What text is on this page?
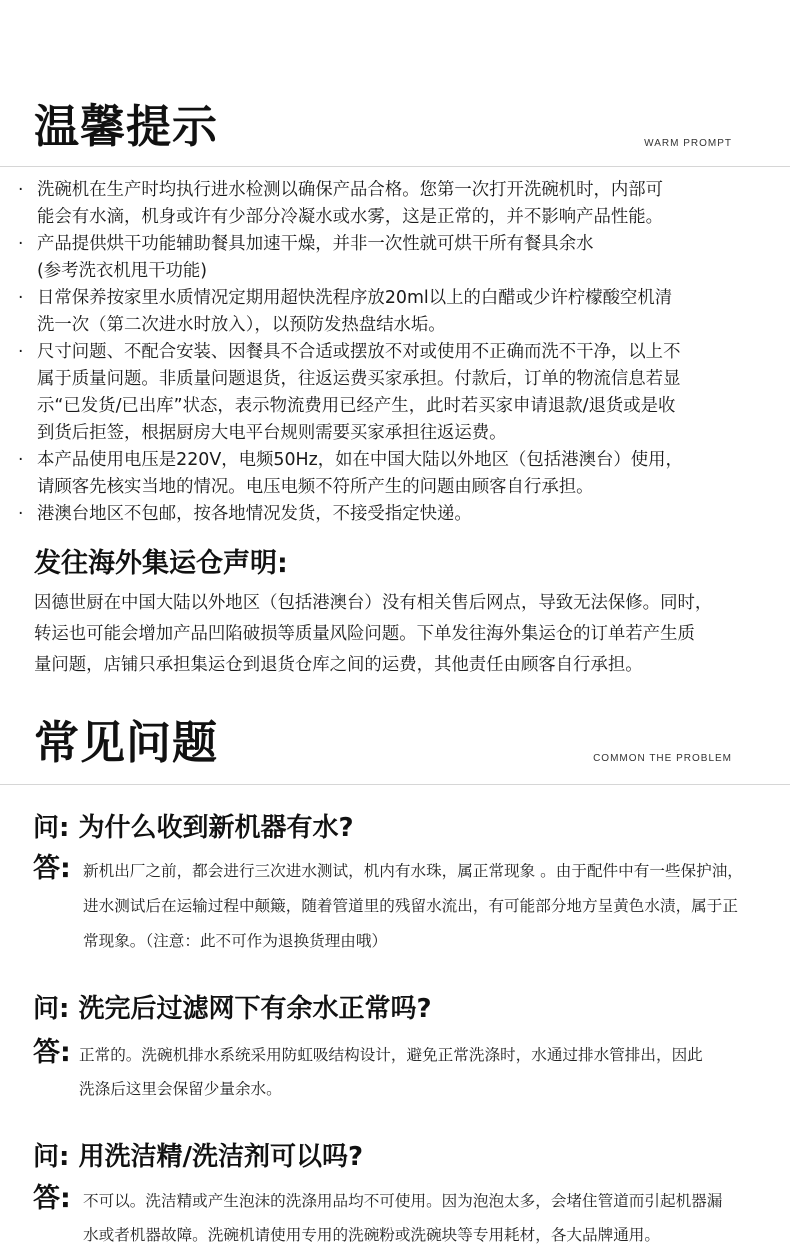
温馨提示	WARM PROMPT
· 洗碗机在生产时均执行进水检测以确保产品合格。您第一次打开洗碗机时，内部可
能会有水滴，机身或许有少部分冷凝水或水雾，这是正常的，并不影响产品性能。
· 产品提供烘干功能辅助餐具加速干燥，并非一次性就可烘干所有餐具余水
(参考洗衣机甩干功能)
· 日常保养按家里水质情况定期用超快洗程序放20ml以上的白醋或少许柠檬酸空机清
洗一次（第二次进水时放入），以预防发热盘结水垢。
· 尺寸问题、不配合安装、因餐具不合适或摆放不对或使用不正确而洗不干净，以上不
属于质量问题。非质量问题退货，往返运费买家承担。付款后，订单的物流信息若显
示“已发货/已出库”状态，表示物流费用已经产生，此时若买家申请退款/退货或是收
到货后拒签，根据厨房大电平台规则需要买家承担往返运费。
· 本产品使用电压是220V，电频50Hz，如在中国大陆以外地区（包括港澳台）使用，
请顾客先核实当地的情况。电压电频不符所产生的问题由顾客自行承担。
· 港澳台地区不包邮，按各地情况发货，不接受指定快递。
发往海外集运仓声明:
因德世厨在中国大陆以外地区（包括港澳台）没有相关售后网点，导致无法保修。同时，
转运也可能会增加产品凹陷破损等质量风险问题。下单发往海外集运仓的订单若产生质
量问题，店铺只承担集运仓到退货仓库之间的运费，其他责任由顾客自行承担。
常见问题	COMMON THE PROBLEM
问: 为什么收到新机器有水?
答: 新机出厂之前，都会进行三次进水测试，机内有水珠，属正常现象 。由于配件中有一些保护油，
进水测试后在运输过程中颠簸，随着管道里的残留水流出，有可能部分地方呈黄色水渍，属于正
常现象。（注意：此不可作为退换货理由哦）
问: 洗完后过滤网下有余水正常吗?
答: 正常的。洗碗机排水系统采用防虹吸结构设计，避免正常洗涤时，水通过排水管排出，因此
洗涤后这里会保留少量余水。
问: 用洗洁精/洗洁剂可以吗?
答: 不可以。洗洁精或产生泡沫的洗涤用品均不可使用。因为泡泡太多，会堵住管道而引起机器漏
水或者机器故障。洗碗机请使用专用的洗碗粉或洗碗块等专用耗材，各大品牌通用。
